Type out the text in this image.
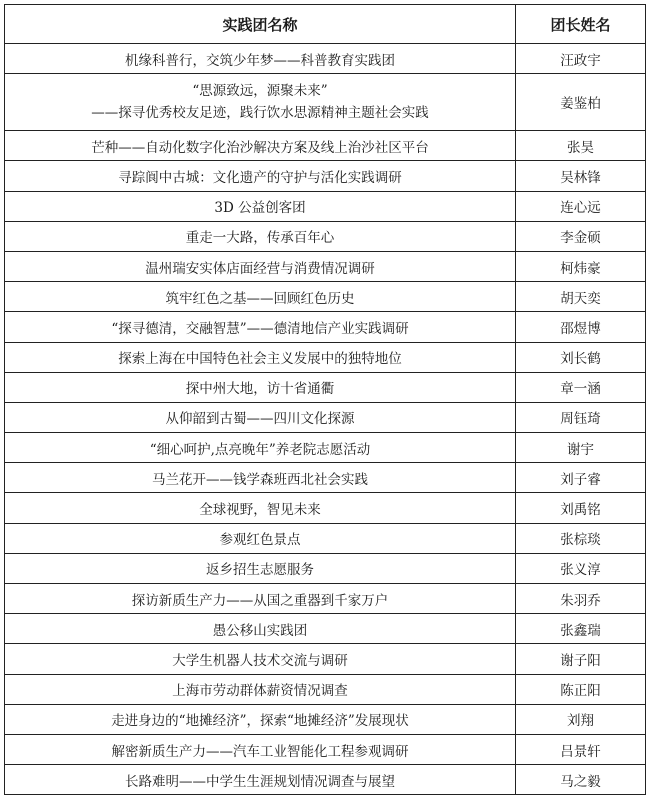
实践团名称	团长姓名
机缘科普行，交筑少年梦——科普教育实践团	汪政宇

“思源致远，源聚未来”
——探寻优秀校友足迹，践行饮水思源精神主题社会实践	姜鉴柏
芒种——自动化数字化治沙解决方案及线上治沙社区平台	张昊
寻踪阆中古城：文化遗产的守护与活化实践调研	吴林锋
3D 公益创客团	连心远
重走一大路，传承百年心	李金硕
温州瑞安实体店面经营与消费情况调研	柯炜豪
筑牢红色之基——回顾红色历史	胡天奕
“探寻德清，交融智慧”——德清地信产业实践调研	邵煜博
探索上海在中国特色社会主义发展中的独特地位	刘长鹤
探中州大地，访十省通衢	章一涵
从仰韶到古蜀——四川文化探源	周钰琦
“细心呵护,点亮晚年”养老院志愿活动	谢宇
马兰花开——钱学森班西北社会实践	刘子睿
全球视野，智见未来	刘禹铭
参观红色景点	张棕琰
返乡招生志愿服务	张义淳
探访新质生产力——从国之重器到千家万户	朱羽乔
愚公移山实践团	张鑫瑞
大学生机器人技术交流与调研	谢子阳
上海市劳动群体薪资情况调查	陈正阳
走进身边的“地摊经济”，探索“地摊经济”发展现状	刘翔
解密新质生产力——汽车工业智能化工程参观调研	吕景轩
长路难明——中学生生涯规划情况调查与展望	马之毅
